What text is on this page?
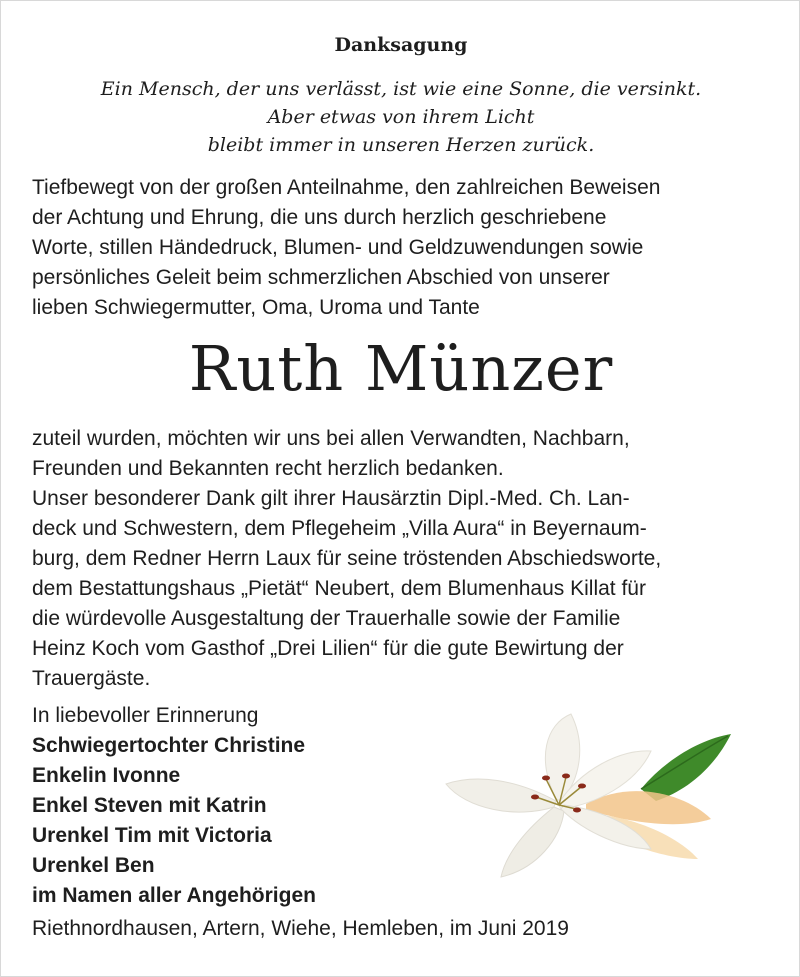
Danksagung
Ein Mensch, der uns verlässt, ist wie eine Sonne, die versinkt.
Aber etwas von ihrem Licht
bleibt immer in unseren Herzen zurück.
Tiefbewegt von der großen Anteilnahme, den zahlreichen Beweisen
der Achtung und Ehrung, die uns durch herzlich geschriebene
Worte, stillen Händedruck, Blumen- und Geldzuwendungen sowie
persönliches Geleit beim schmerzlichen Abschied von unserer
lieben Schwiegermutter, Oma, Uroma und Tante
Ruth Münzer
zuteil wurden, möchten wir uns bei allen Verwandten, Nachbarn,
Freunden und Bekannten recht herzlich bedanken.
Unser besonderer Dank gilt ihrer Hausärztin Dipl.-Med. Ch. Lan-
deck und Schwestern, dem Pflegeheim „Villa Aura“ in Beyernaum-
burg, dem Redner Herrn Laux für seine tröstenden Abschiedsworte,
dem Bestattungshaus „Pietät“ Neubert, dem Blumenhaus Killat für
die würdevolle Ausgestaltung der Trauerhalle sowie der Familie
Heinz Koch vom Gasthof „Drei Lilien“ für die gute Bewirtung der
Trauergäste.
In liebevoller Erinnerung
Schwiegertochter Christine
Enkelin Ivonne
Enkel Steven mit Katrin
Urenkel Tim mit Victoria
Urenkel Ben
im Namen aller Angehörigen
Riethnordhausen, Artern, Wiehe, Hemleben, im Juni 2019
